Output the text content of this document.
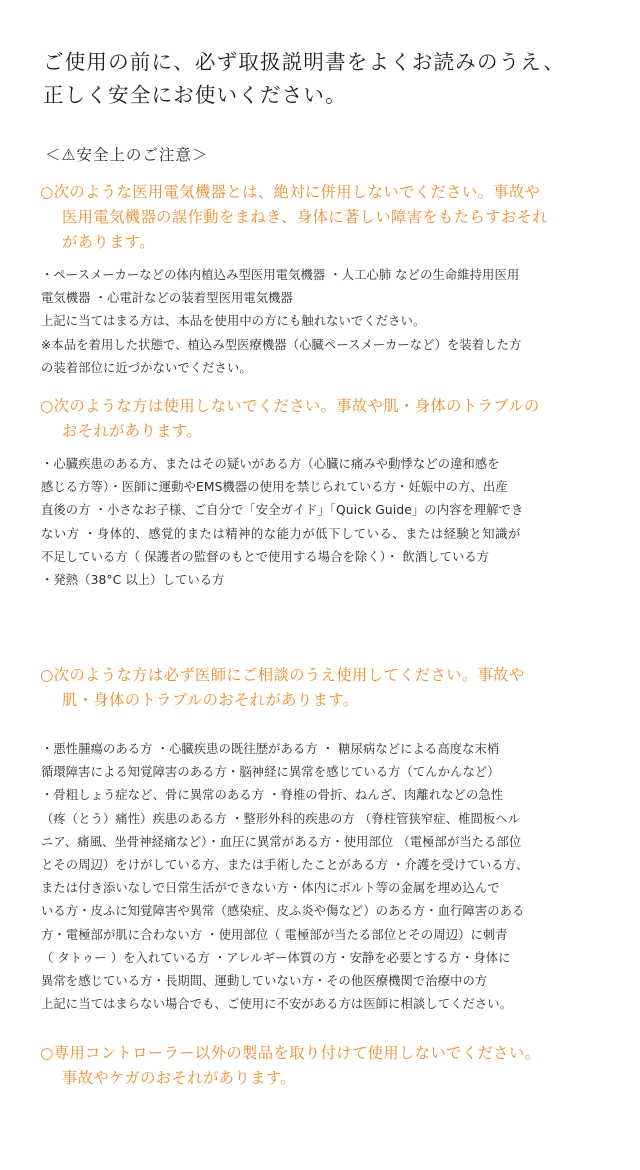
ご使用の前に、必ず取扱説明書をよくお読みのうえ、
正しく安全にお使いください。
＜⚠安全上のご注意＞
○次のような医用電気機器とは、絶対に併用しないでください。事故や
医用電気機器の誤作動をまねき、身体に著しい障害をもたらすおそれ
があります。
・ペースメーカーなどの体内植込み型医用電気機器 ・人工心肺 などの生命維持用医用
電気機器 ・心電計などの装着型医用電気機器
上記に当てはまる方は、本品を使用中の方にも触れないでください。
※本品を着用した状態で、植込み型医療機器（心臓ペースメーカーなど）を装着した方
の装着部位に近づかないでください。
○次のような方は使用しないでください。事故や肌・身体のトラブルの
おそれがあります。
・心臓疾患のある方、またはその疑いがある方（心臓に痛みや動悸などの違和感を
感じる方等）・医師に運動やEMS機器の使用を禁じられている方・妊娠中の方、出産
直後の方 ・小さなお子様、ご自分で「安全ガイド」「Quick Guide」の内容を理解でき
ない方 ・身体的、感覚的または精神的な能力が低下している、または経験と知識が
不足している方（ 保護者の監督のもとで使用する場合を除く）・ 飲酒している方
・発熱（38°C 以上）している方
○次のような方は必ず医師にご相談のうえ使用してください。事故や
肌・身体のトラブルのおそれがあります。
・悪性腫瘍のある方 ・心臓疾患の既往歴がある方 ・ 糖尿病などによる高度な末梢
循環障害による知覚障害のある方・脳神経に異常を感じている方（てんかんなど）
・骨粗しょう症など、骨に異常のある方 ・脊椎の骨折、ねんざ、肉離れなどの急性
（疼（とう）痛性）疾患のある方 ・整形外科的疾患の方 （脊柱管狭窄症、椎間板ヘル
ニア、痛風、坐骨神経痛など）・血圧に異常がある方・使用部位 （電極部が当たる部位
とその周辺）をけがしている方、または手術したことがある方 ・介護を受けている方、
または付き添いなしで日常生活ができない方・体内にボルト等の金属を埋め込んで
いる方・皮ふに知覚障害や異常（感染症、皮ふ炎や傷など）のある方・血行障害のある
方・電極部が肌に合わない方 ・使用部位（ 電極部が当たる部位とその周辺）に刺青
（ タトゥー ）を入れている方 ・アレルギー体質の方・安静を必要とする方・身体に
異常を感じている方・長期間、運動していない方・その他医療機関で治療中の方
上記に当てはまらない場合でも、ご使用に不安がある方は医師に相談してください。
○専用コントローラー以外の製品を取り付けて使用しないでください。
事故やケガのおそれがあります。
